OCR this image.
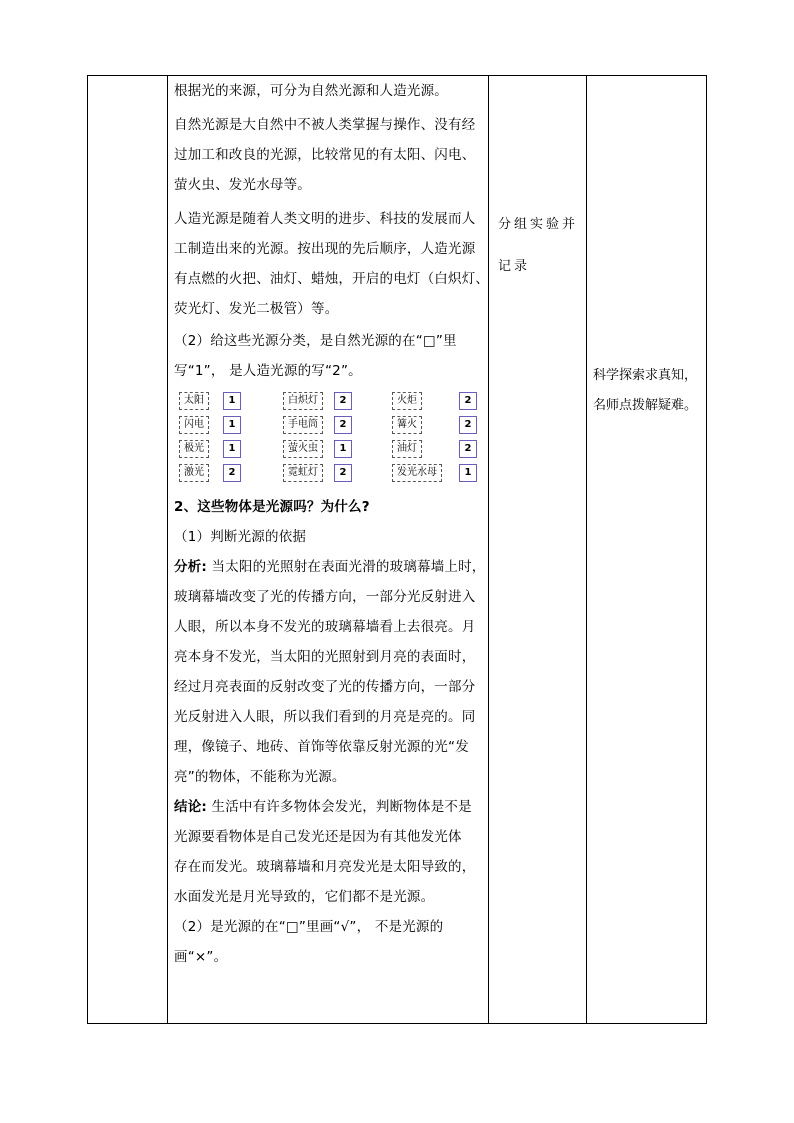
根据光的来源，可分为自然光源和人造光源。

自然光源是大自然中不被人类掌握与操作、没有经

过加工和改良的光源，比较常见的有太阳、闪电、

萤火虫、发光水母等。

人造光源是随着人类文明的进步、科技的发展而人

工制造出来的光源。按出现的先后顺序，人造光源

有点燃的火把、油灯、蜡烛，开启的电灯（白炽灯、

荧光灯、发光二极管）等。

（2）给这些光源分类，是自然光源的在“□”里

写“1”， 是人造光源的写“2”。

太阳	1	白炽灯	2	火炬	2
闪电	1	手电筒	2	篝火	2
极光	1	萤火虫	1	油灯	2
激光	2	霓虹灯	2	发光水母	1

2、这些物体是光源吗？为什么?

（1）判断光源的依据

分析: 当太阳的光照射在表面光滑的玻璃幕墙上时，

玻璃幕墙改变了光的传播方向，一部分光反射进入

人眼，所以本身不发光的玻璃幕墙看上去很亮。月

亮本身不发光，当太阳的光照射到月亮的表面时，

经过月亮表面的反射改变了光的传播方向，一部分

光反射进入人眼，所以我们看到的月亮是亮的。同

理，像镜子、地砖、首饰等依靠反射光源的光“发

亮”的物体，不能称为光源。

结论: 生活中有许多物体会发光，判断物体是不是

光源要看物体是自己发光还是因为有其他发光体

存在而发光。玻璃幕墙和月亮发光是太阳导致的，

水面发光是月光导致的，它们都不是光源。

（2）是光源的在“□”里画“√”， 不是光源的

画“×”。

分组实验并
记录
科学探索求真知，
名师点拨解疑难。
